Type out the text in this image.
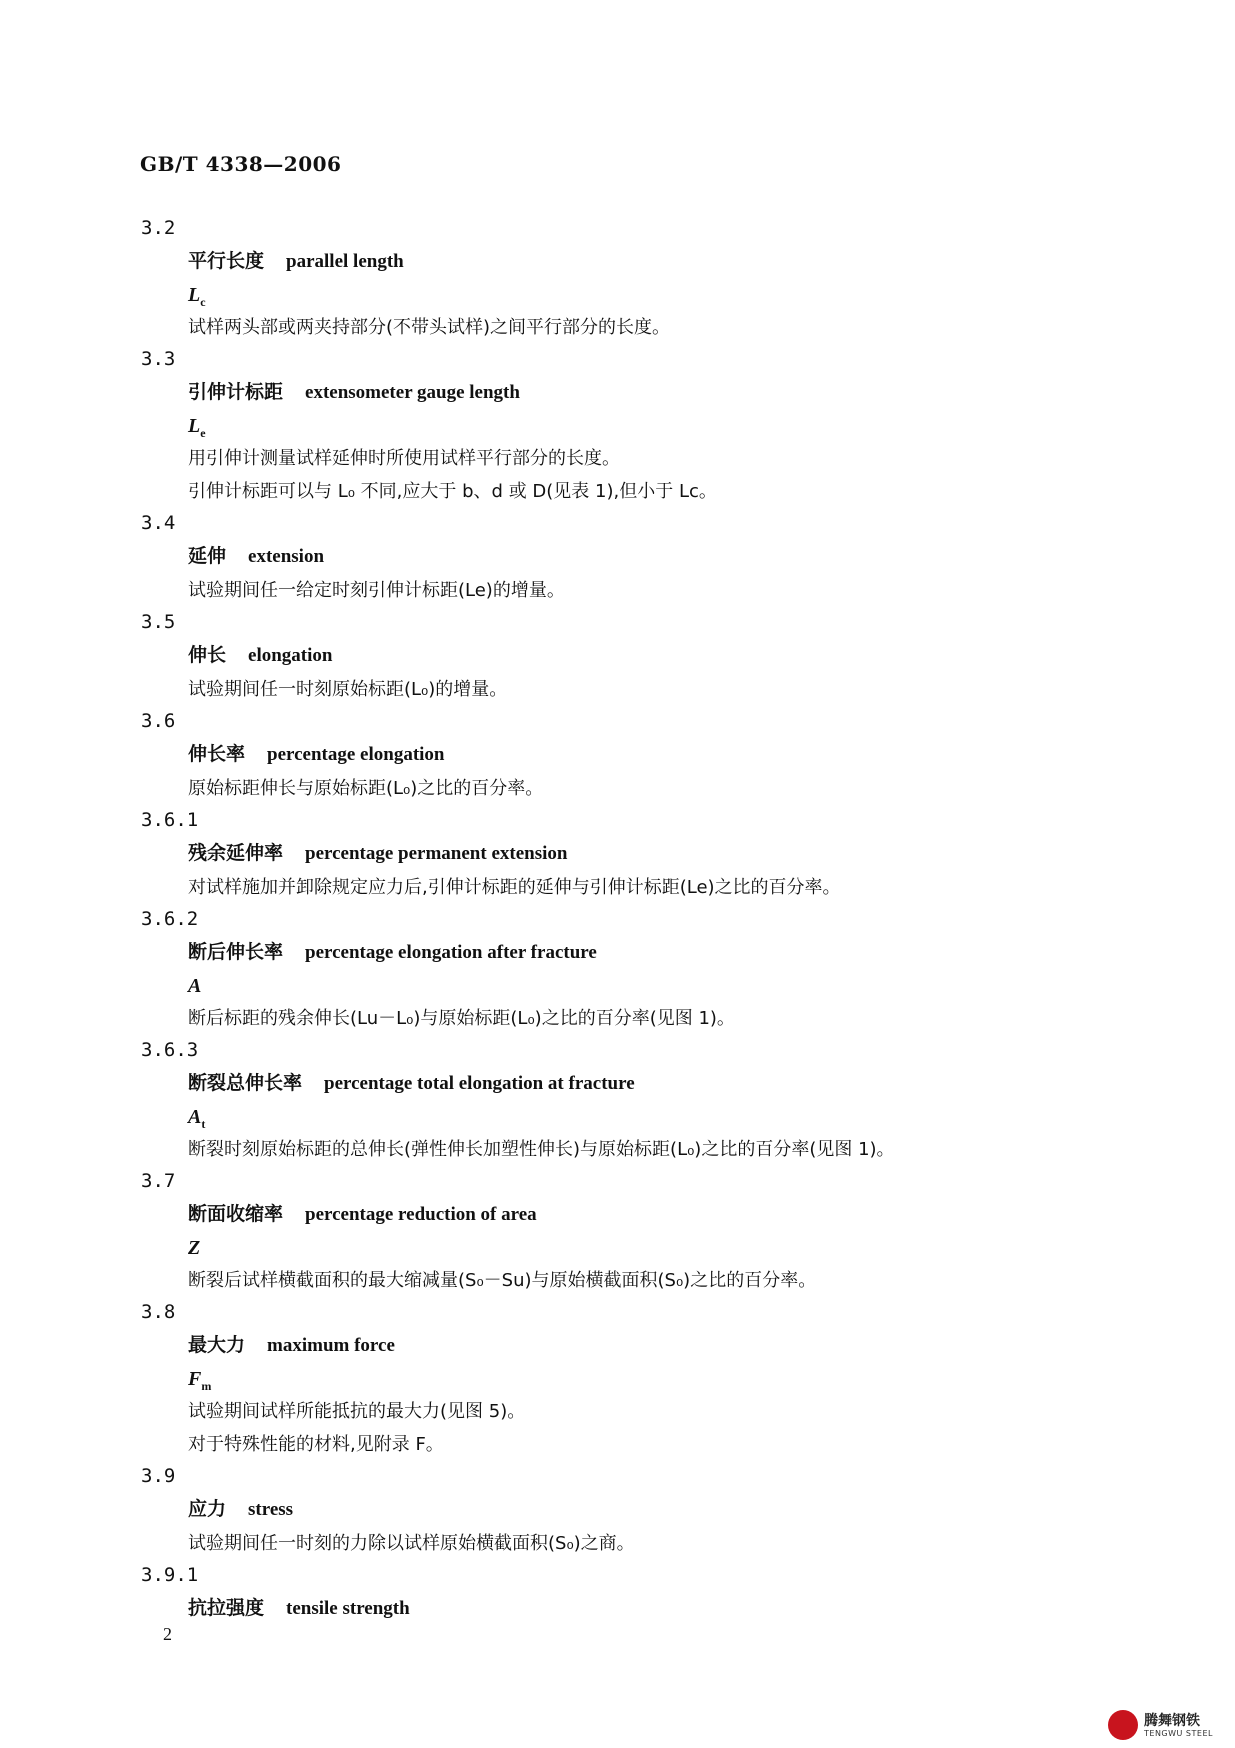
GB/T 4338—2006
3.2
平行长度 parallel length
$L_c$
试样两头部或两夹持部分(不带头试样)之间平行部分的长度。
3.3
引伸计标距 extensometer gauge length
$L_e$
用引伸计测量试样延伸时所使用试样平行部分的长度。
引伸计标距可以与 L₀ 不同,应大于 b、d 或 D(见表 1),但小于 Lc。
3.4
延伸 extension
试验期间任一给定时刻引伸计标距(Le)的增量。
3.5
伸长 elongation
试验期间任一时刻原始标距(L₀)的增量。
3.6
伸长率 percentage elongation
原始标距伸长与原始标距(L₀)之比的百分率。
3.6.1
残余延伸率 percentage permanent extension
对试样施加并卸除规定应力后,引伸计标距的延伸与引伸计标距(Le)之比的百分率。
3.6.2
断后伸长率 percentage elongation after fracture
A
断后标距的残余伸长(Lu－L₀)与原始标距(L₀)之比的百分率(见图 1)。
3.6.3
断裂总伸长率 percentage total elongation at fracture
$A_t$
断裂时刻原始标距的总伸长(弹性伸长加塑性伸长)与原始标距(L₀)之比的百分率(见图 1)。
3.7
断面收缩率 percentage reduction of area
Z
断裂后试样横截面积的最大缩减量(S₀－Su)与原始横截面积(S₀)之比的百分率。
3.8
最大力 maximum force
$F_m$
试验期间试样所能抵抗的最大力(见图 5)。
对于特殊性能的材料,见附录 F。
3.9
应力 stress
试验期间任一时刻的力除以试样原始横截面积(S₀)之商。
3.9.1
抗拉强度 tensile strength
2
腾舞钢铁
TENGWU STEEL
